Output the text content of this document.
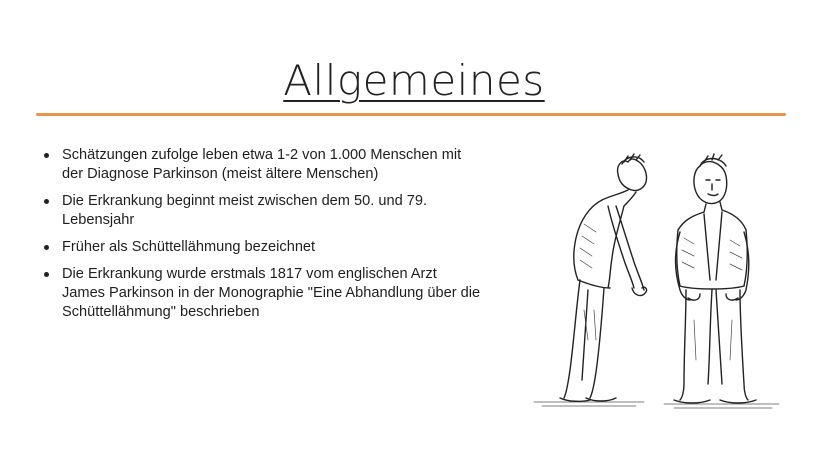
Allgemeines
Schätzungen zufolge leben etwa 1-2 von 1.000 Menschen mit der Diagnose Parkinson (meist ältere Menschen)
Die Erkrankung beginnt meist zwischen dem 50. und 79. Lebensjahr
Früher als Schüttellähmung bezeichnet
Die Erkrankung wurde erstmals 1817 vom englischen Arzt James Parkinson in der Monographie "Eine Abhandlung über die Schüttellähmung" beschrieben
